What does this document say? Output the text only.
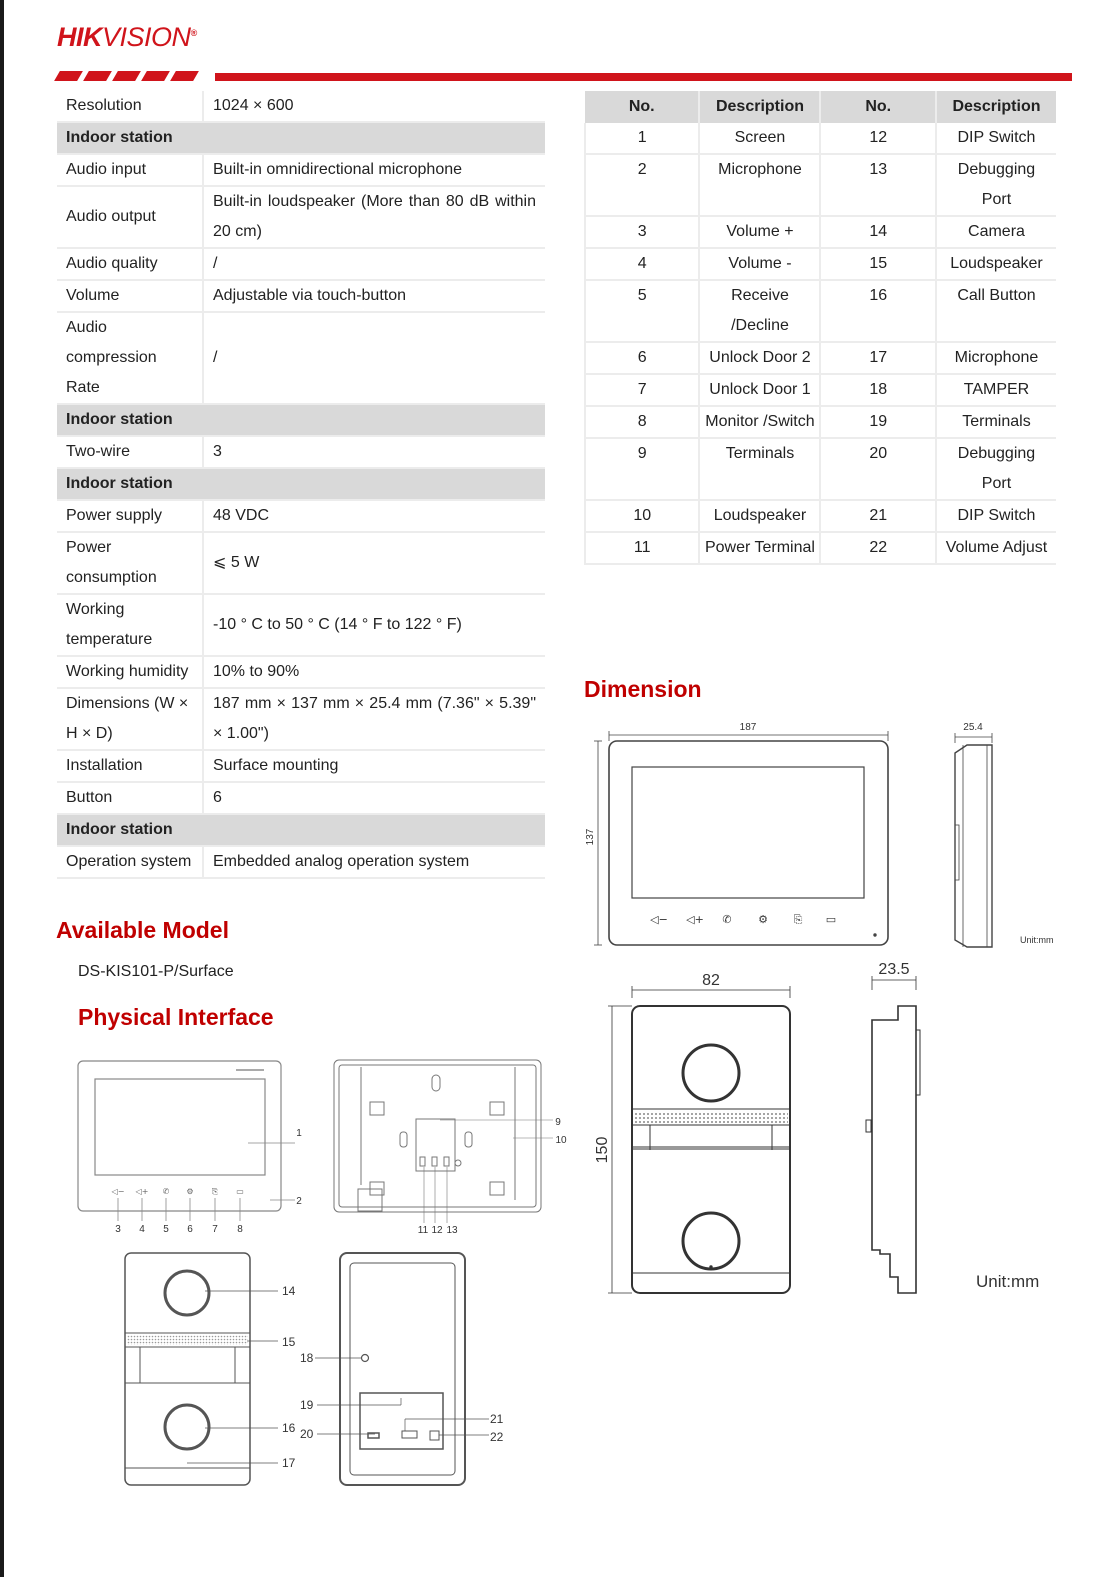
HIKVISION®
Resolution	1024 × 600
Indoor station	
Audio input	Built-in omnidirectional microphone
Audio output	Built-in loudspeaker (More than 80 dB within 20 cm)
Audio quality	/
Volume	Adjustable via touch-button
Audio compression Rate	/
Indoor station	
Two-wire	3
Indoor station	
Power supply	48 VDC
Power consumption	⩽ 5 W
Working temperature	-10 ° C to 50 ° C (14 ° F to 122 ° F)
Working humidity	10% to 90%
Dimensions (W × H × D)	187 mm × 137 mm × 25.4 mm (7.36" × 5.39" × 1.00")
Installation	Surface mounting
Button	6
Indoor station	
Operation system	Embedded analog operation system
No.	Description	No.	Description
1	Screen	12	DIP Switch
2	Microphone	13	Debugging Port
3	Volume +	14	Camera
4	Volume -	15	Loudspeaker
5	Receive /Decline	16	Call Button
6	Unlock Door 2	17	Microphone
7	Unlock Door 1	18	TAMPER
8	Monitor /Switch	19	Terminals
9	Terminals	20	Debugging Port
10	Loudspeaker	21	DIP Switch
11	Power Terminal	22	Volume Adjust
Dimension
Available Model
DS-KIS101-P/Surface
Physical Interface
187
137
◁− ◁+ ✆ ⚙ ⎘ ▭
25.4
Unit:mm
82
150
23.5
Unit:mm
◁− ◁+ ✆ ⚙ ⎘ ▭
1
2
3 4 5 6 7 8
9
10
11 12 13
14
15
16
17
18
19
20
21
22
